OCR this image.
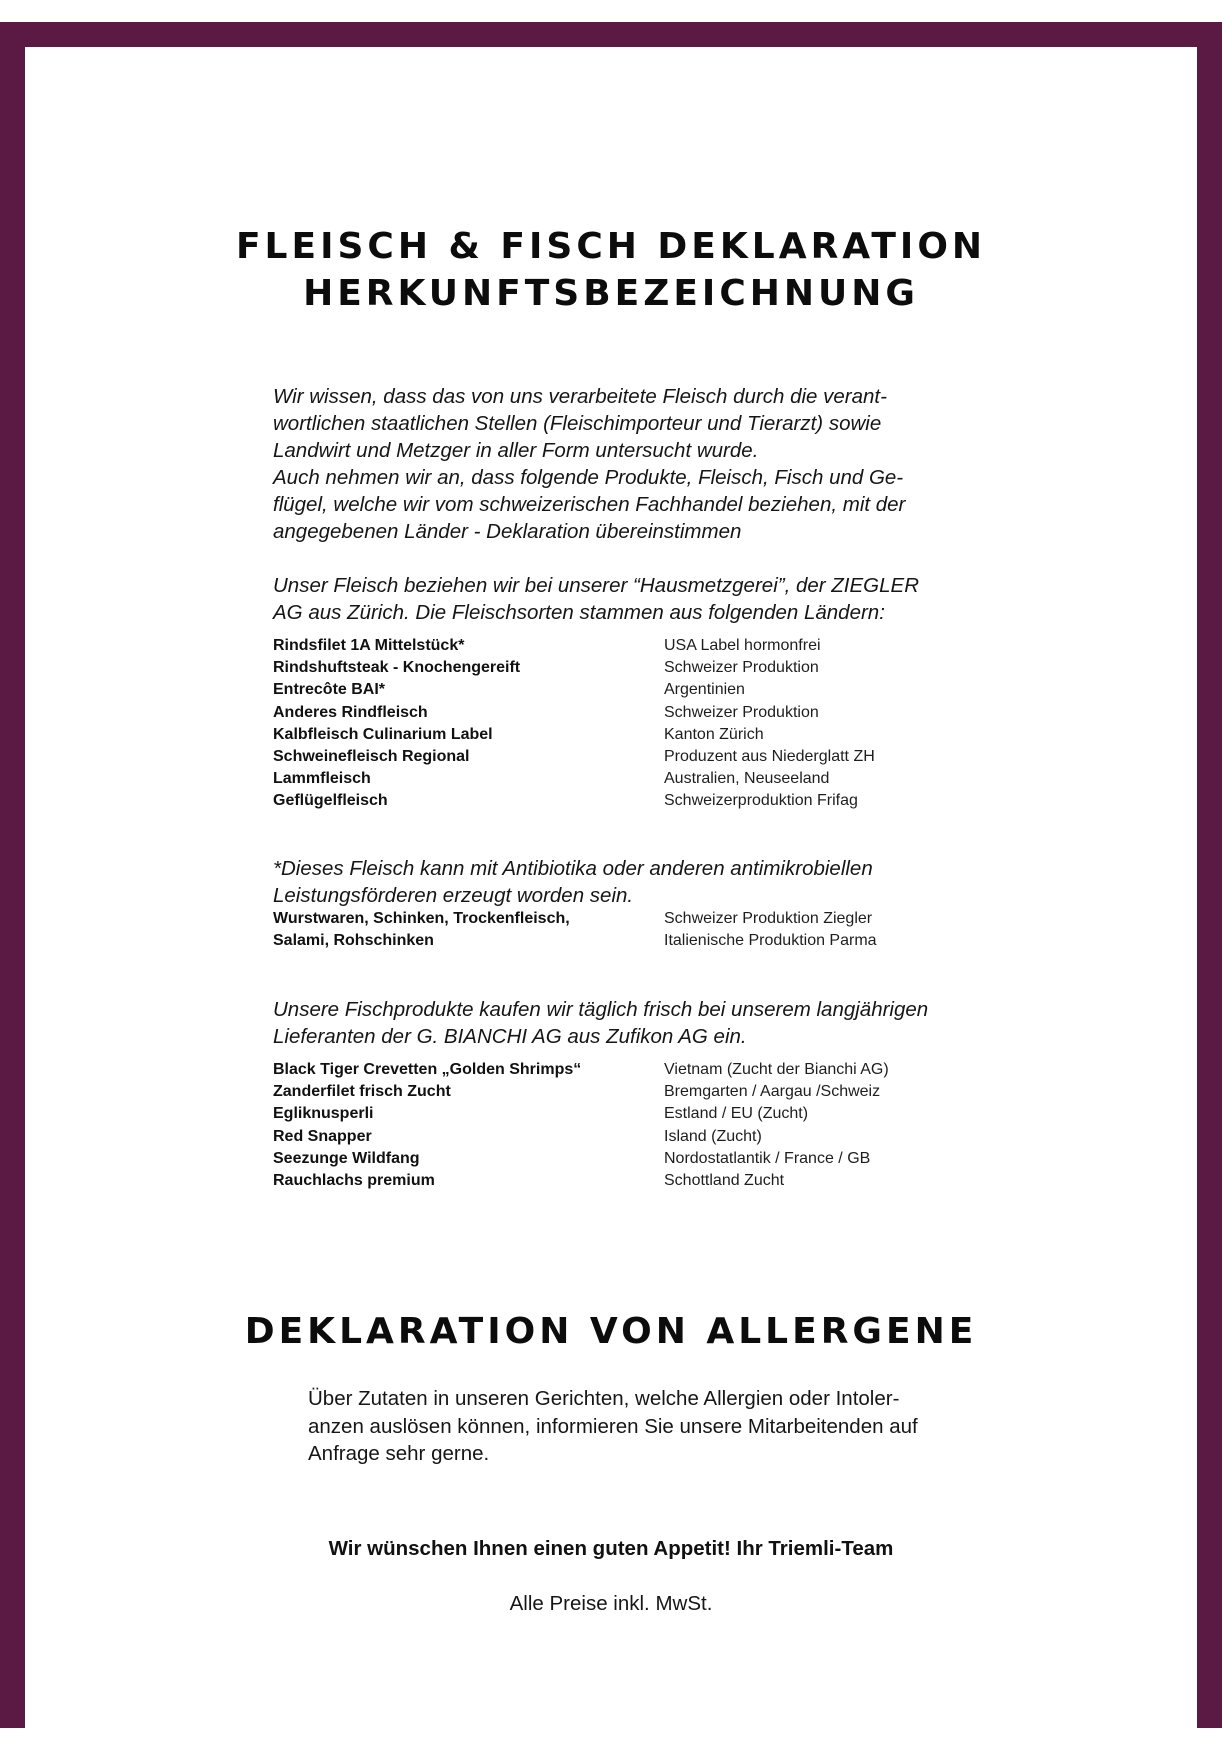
FLEISCH & FISCH DEKLARATION
HERKUNFTSBEZEICHNUNG

Wir wissen, dass das von uns verarbeitete Fleisch durch die verant-
wortlichen staatlichen Stellen (Fleischimporteur und Tierarzt) sowie
Landwirt und Metzger in aller Form untersucht wurde.
Auch nehmen wir an, dass folgende Produkte, Fleisch, Fisch und Ge-
flügel, welche wir vom schweizerischen Fachhandel beziehen, mit der
angegebenen Länder - Deklaration übereinstimmen

Unser Fleisch beziehen wir bei unserer “Hausmetzgerei”, der ZIEGLER
AG aus Zürich. Die Fleischsorten stammen aus folgenden Ländern:

Rindsfilet 1A Mittelstück*	USA Label hormonfrei
Rindshuftsteak - Knochengereift	Schweizer Produktion
Entrecôte BAI*	Argentinien
Anderes Rindfleisch	Schweizer Produktion
Kalbfleisch Culinarium Label	Kanton Zürich
Schweinefleisch Regional	Produzent aus Niederglatt ZH
Lammfleisch	Australien, Neuseeland
Geflügelfleisch	Schweizerproduktion Frifag

*Dieses Fleisch kann mit Antibiotika oder anderen antimikrobiellen
Leistungsförderen erzeugt worden sein.

Wurstwaren, Schinken, Trockenfleisch,	Schweizer Produktion Ziegler
Salami, Rohschinken	Italienische Produktion Parma

Unsere Fischprodukte kaufen wir täglich frisch bei unserem langjährigen
Lieferanten der G. BIANCHI AG aus Zufikon AG ein.

Black Tiger Crevetten „Golden Shrimps“	Vietnam (Zucht der Bianchi AG)
Zanderfilet frisch Zucht	Bremgarten / Aargau /Schweiz
Egliknusperli	Estland / EU (Zucht)
Red Snapper	Island (Zucht)
Seezunge Wildfang	Nordostatlantik / France / GB
Rauchlachs premium	Schottland Zucht
DEKLARATION VON ALLERGENE

Über Zutaten in unseren Gerichten, welche Allergien oder Intoler-
anzen auslösen können, informieren Sie unsere Mitarbeitenden auf
Anfrage sehr gerne.

Wir wünschen Ihnen einen guten Appetit! Ihr Triemli-Team

Alle Preise inkl. MwSt.
